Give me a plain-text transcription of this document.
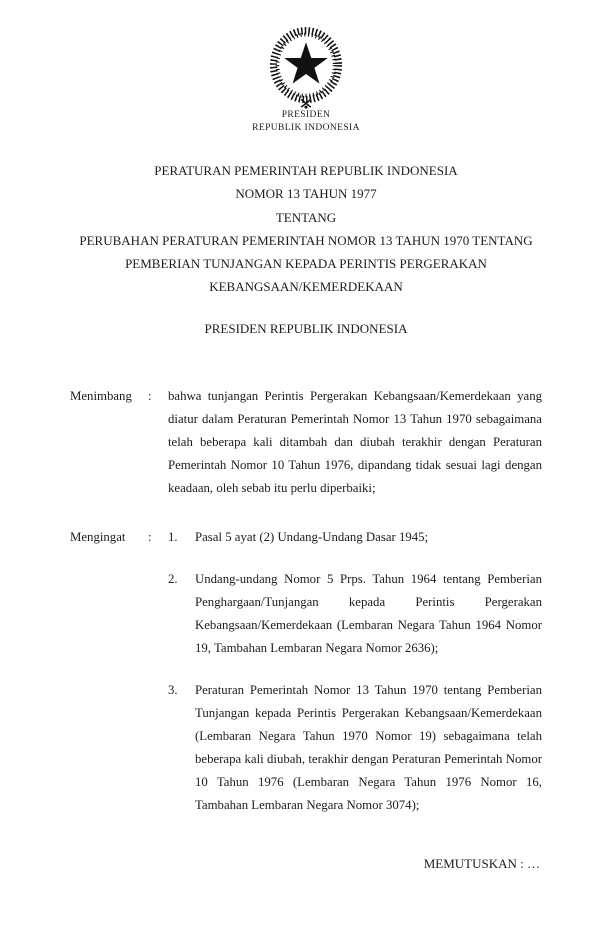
PRESIDEN
REPUBLIK INDONESIA
PERATURAN PEMERINTAH REPUBLIK INDONESIA
NOMOR 13 TAHUN 1977
TENTANG
PERUBAHAN PERATURAN PEMERINTAH NOMOR 13 TAHUN 1970 TENTANG
PEMBERIAN TUNJANGAN KEPADA PERINTIS PERGERAKAN
KEBANGSAAN/KEMERDEKAAN
PRESIDEN REPUBLIK INDONESIA
Menimbang	:	bahwa tunjangan Perintis Pergerakan Kebangsaan/Kemerdekaan yang diatur dalam Peraturan Pemerintah Nomor 13 Tahun 1970 sebagaimana telah beberapa kali ditambah dan diubah terakhir dengan Peraturan Pemerintah Nomor 10 Tahun 1976, dipandang tidak sesuai lagi dengan keadaan, oleh sebab itu perlu diperbaiki;
Mengingat	:	1.	Pasal 5 ayat (2) Undang-Undang Dasar 1945;
2.	Undang-undang Nomor 5 Prps. Tahun 1964 tentang Pemberian Penghargaan/Tunjangan kepada Perintis Pergerakan Kebangsaan/Kemerdekaan (Lembaran Negara Tahun 1964 Nomor 19, Tambahan Lembaran Negara Nomor 2636);
3.	Peraturan Pemerintah Nomor 13 Tahun 1970 tentang Pemberian Tunjangan kepada Perintis Pergerakan Kebangsaan/Kemerdekaan (Lembaran Negara Tahun 1970 Nomor 19) sebagaimana telah beberapa kali diubah, terakhir dengan Peraturan Pemerintah Nomor 10 Tahun 1976 (Lembaran Negara Tahun 1976 Nomor 16, Tambahan Lembaran Negara Nomor 3074);
MEMUTUSKAN : …
